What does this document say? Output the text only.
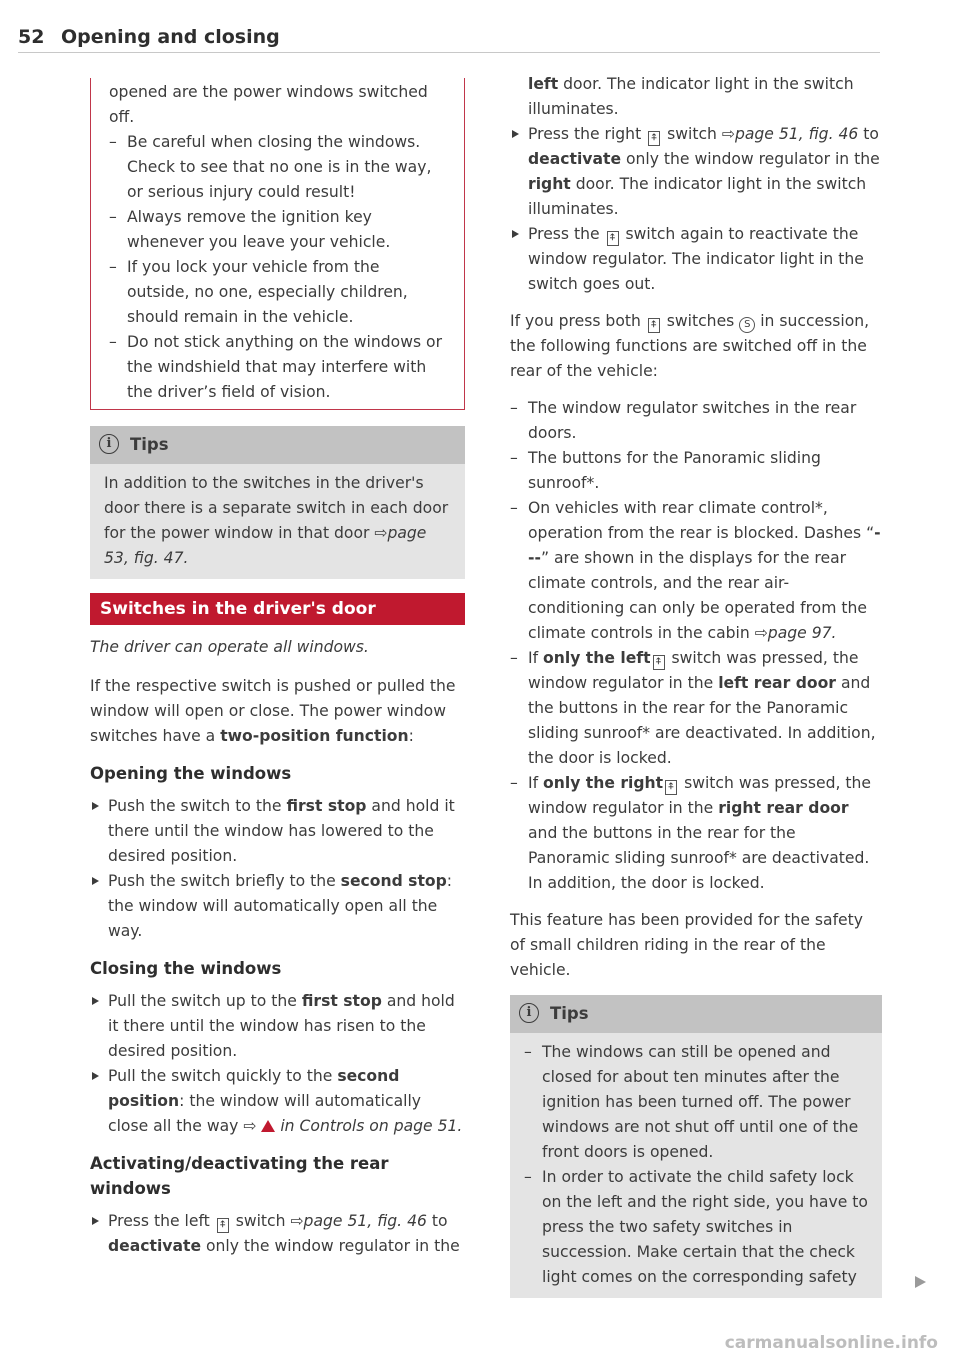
52 Opening and closing

opened are the power windows switched off.

– Be careful when closing the windows. Check to see that no one is in the way, or serious injury could result!

– Always remove the ignition key whenever you leave your vehicle.

– If you lock your vehicle from the outside, no one, especially children, should remain in the vehicle.

– Do not stick anything on the windows or the windshield that may interfere with the driver’s field of vision.

i	Tips
In addition to the switches in the driver's door there is a separate switch in each door for the power window in that door ⇨page 53, fig. 47.
Switches in the driver's door

The driver can operate all windows.

If the respective switch is pushed or pulled the window will open or close. The power window switches have a two-position function:

Opening the windows

Push the switch to the first stop and hold it there until the window has lowered to the desired position.

Push the switch briefly to the second stop: the window will automatically open all the way.

Closing the windows

Pull the switch up to the first stop and hold it there until the window has risen to the desired position.

Pull the switch quickly to the second position: the window will automatically close all the way ⇨  in Controls on page 51.

Activating/deactivating the rear windows

Press the left ⍏ switch ⇨page 51, fig. 46 to deactivate only the window regulator in the

left door. The indicator light in the switch illuminates.

Press the right ⍏ switch ⇨page 51, fig. 46 to deactivate only the window regulator in the right door. The indicator light in the switch illuminates.

Press the ⍏ switch again to reactivate the window regulator. The indicator light in the switch goes out.

If you press both ⍏ switches S in succession, the following functions are switched off in the rear of the vehicle:

– The window regulator switches in the rear doors.

– The buttons for the Panoramic sliding sunroof*.

– On vehicles with rear climate control*, operation from the rear is blocked. Dashes “---” are shown in the displays for the rear climate controls, and the rear air-conditioning can only be operated from the climate controls in the cabin ⇨page 97.

– If only the left ⍏ switch was pressed, the window regulator in the left rear door and the buttons in the rear for the Panoramic sliding sunroof* are deactivated. In addition, the door is locked.

– If only the right ⍏ switch was pressed, the window regulator in the right rear door and the buttons in the rear for the Panoramic sliding sunroof* are deactivated. In addition, the door is locked.

This feature has been provided for the safety of small children riding in the rear of the vehicle.

i	Tips

– The windows can still be opened and closed for about ten minutes after the ignition has been turned off. The power windows are not shut off until one of the front doors is opened.

– In order to activate the child safety lock on the left and the right side, you have to press the two safety switches in succession. Make certain that the check light comes on the corresponding safety

carmanualsonline.info
